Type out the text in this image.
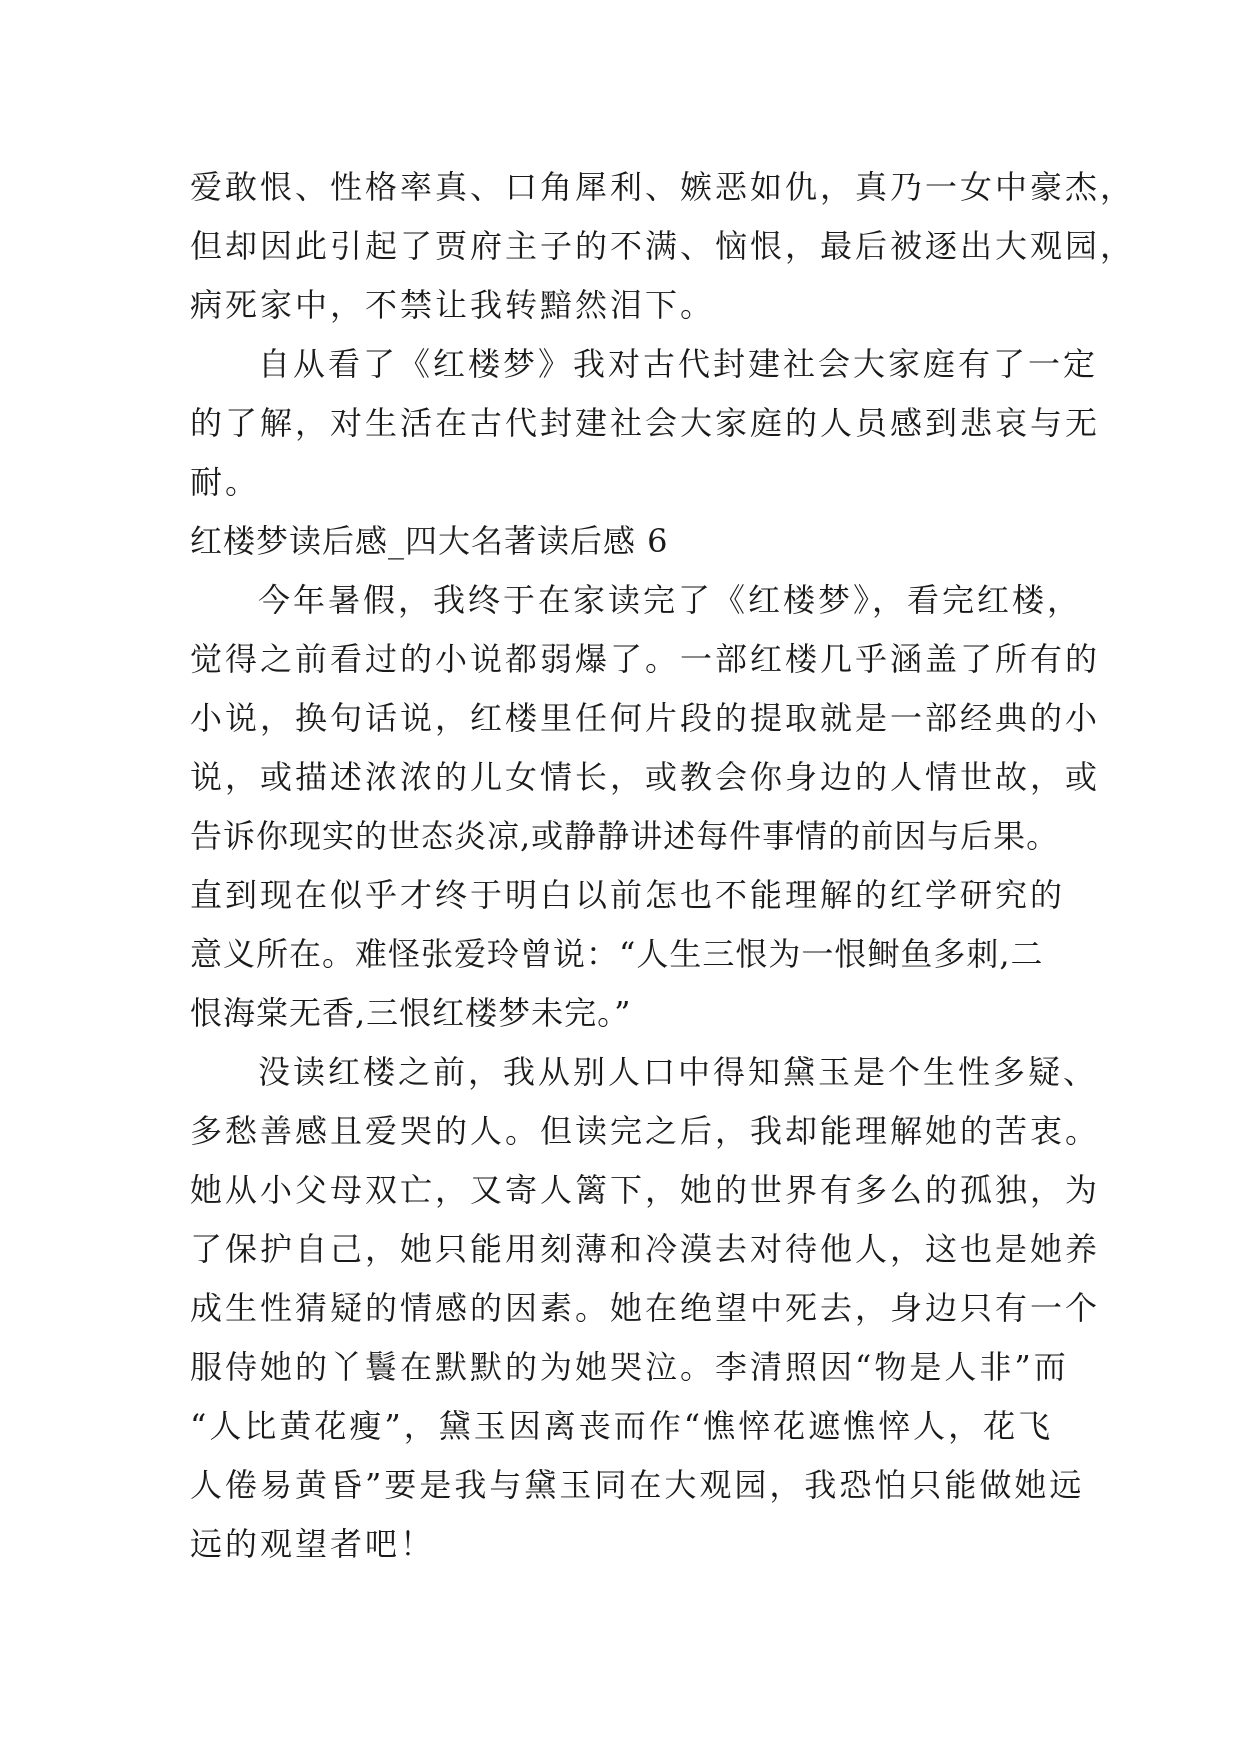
爱敢恨、性格率真、口角犀利、嫉恶如仇，真乃一女中豪杰，
但却因此引起了贾府主子的不满、恼恨，最后被逐出大观园，
病死家中，不禁让我转黯然泪下。
自从看了《红楼梦》我对古代封建社会大家庭有了一定
的了解，对生活在古代封建社会大家庭的人员感到悲哀与无
耐。
红楼梦读后感_四大名著读后感 6
今年暑假，我终于在家读完了《红楼梦》，看完红楼，
觉得之前看过的小说都弱爆了。一部红楼几乎涵盖了所有的
小说，换句话说，红楼里任何片段的提取就是一部经典的小
说，或描述浓浓的儿女情长，或教会你身边的人情世故，或
告诉你现实的世态炎凉,或静静讲述每件事情的前因与后果。
直到现在似乎才终于明白以前怎也不能理解的红学研究的
意义所在。难怪张爱玲曾说：“人生三恨为一恨鲥鱼多刺,二
恨海棠无香,三恨红楼梦未完。”
没读红楼之前，我从别人口中得知黛玉是个生性多疑、
多愁善感且爱哭的人。但读完之后，我却能理解她的苦衷。
她从小父母双亡，又寄人篱下，她的世界有多么的孤独，为
了保护自己，她只能用刻薄和冷漠去对待他人，这也是她养
成生性猜疑的情感的因素。她在绝望中死去，身边只有一个
服侍她的丫鬟在默默的为她哭泣。李清照因“物是人非”而
“人比黄花瘦”，黛玉因离丧而作“憔悴花遮憔悴人，花飞
人倦易黄昏”要是我与黛玉同在大观园，我恐怕只能做她远
远的观望者吧！
